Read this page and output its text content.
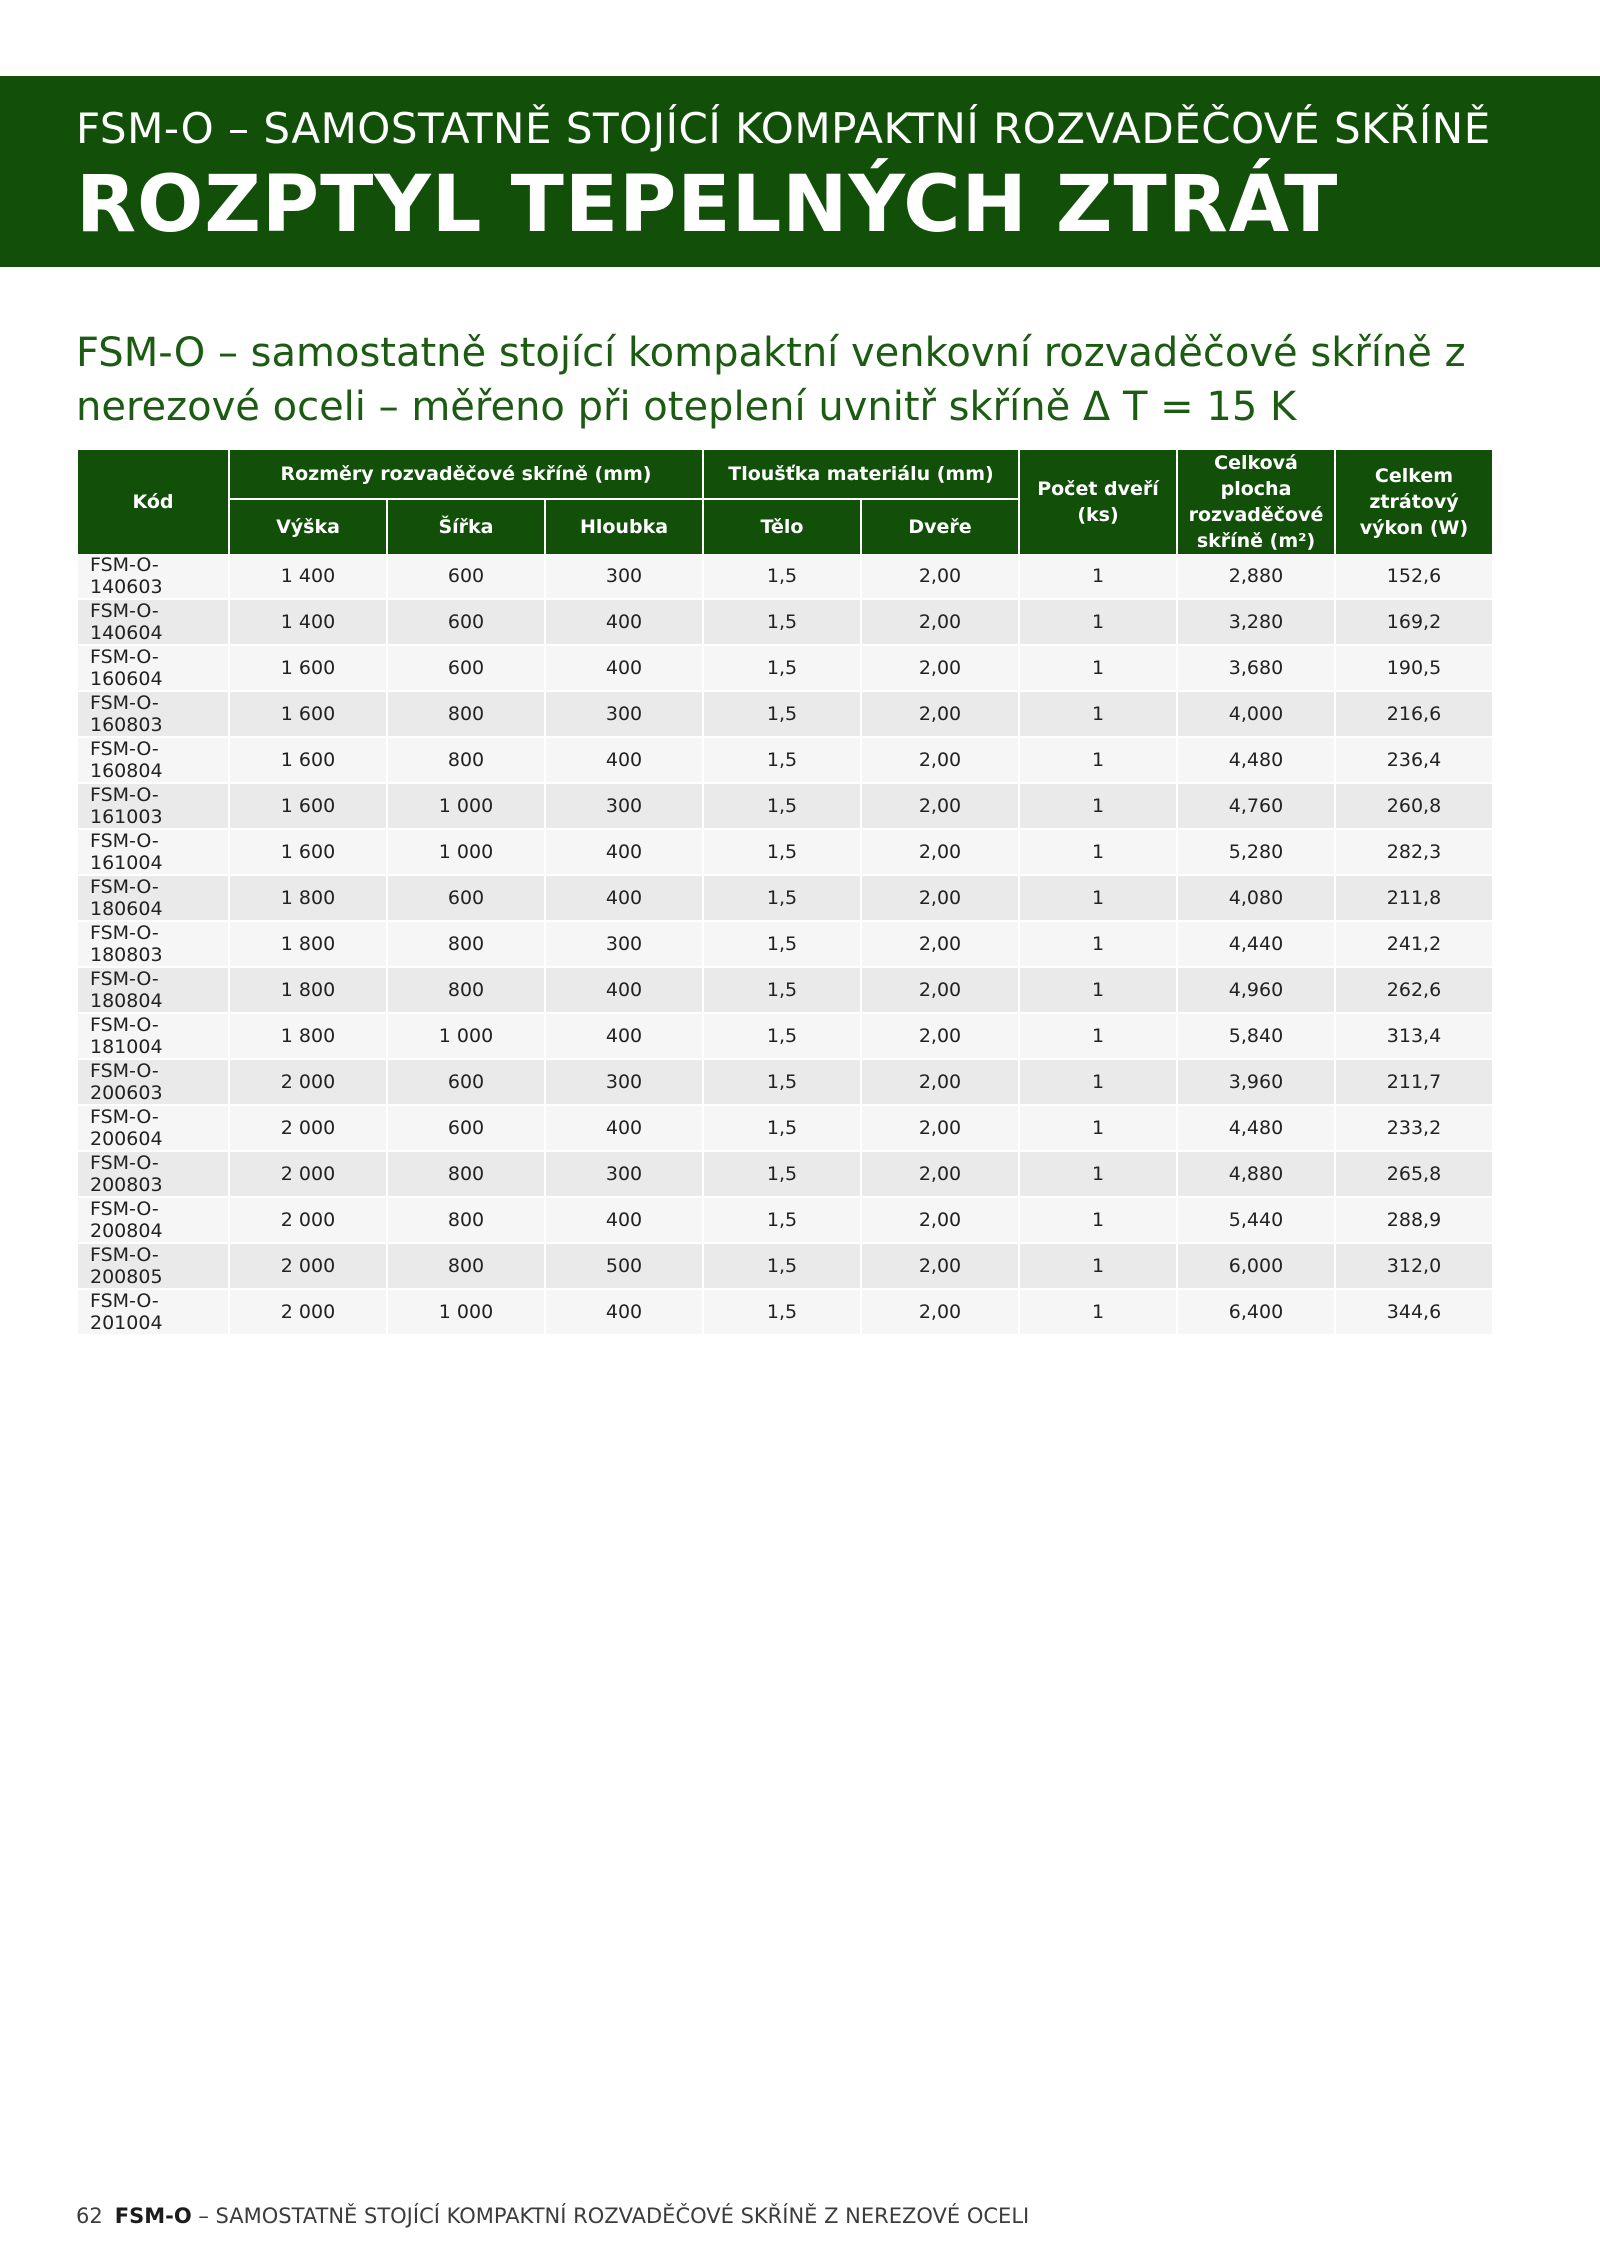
FSM-O – SAMOSTATNĚ STOJÍCÍ KOMPAKTNÍ ROZVADĚČOVÉ SKŘÍNĚ
ROZPTYL TEPELNÝCH ZTRÁT
FSM-O – samostatně stojící kompaktní venkovní rozvaděčové skříně z nerezové oceli – měřeno při oteplení uvnitř skříně Δ T = 15 K
Kód	Rozměry rozvaděčové skříně (mm)			Tloušťka materiálu (mm)		Počet dveří (ks)	Celková plocha rozvaděčové skříně (m²)	Celkem ztrátový výkon (W)
	Výška	Šířka	Hloubka	Tělo	Dveře			
FSM-O-140603	1 400	600	300	1,5	2,00	1	2,880	152,6
FSM-O-140604	1 400	600	400	1,5	2,00	1	3,280	169,2
FSM-O-160604	1 600	600	400	1,5	2,00	1	3,680	190,5
FSM-O-160803	1 600	800	300	1,5	2,00	1	4,000	216,6
FSM-O-160804	1 600	800	400	1,5	2,00	1	4,480	236,4
FSM-O-161003	1 600	1 000	300	1,5	2,00	1	4,760	260,8
FSM-O-161004	1 600	1 000	400	1,5	2,00	1	5,280	282,3
FSM-O-180604	1 800	600	400	1,5	2,00	1	4,080	211,8
FSM-O-180803	1 800	800	300	1,5	2,00	1	4,440	241,2
FSM-O-180804	1 800	800	400	1,5	2,00	1	4,960	262,6
FSM-O-181004	1 800	1 000	400	1,5	2,00	1	5,840	313,4
FSM-O-200603	2 000	600	300	1,5	2,00	1	3,960	211,7
FSM-O-200604	2 000	600	400	1,5	2,00	1	4,480	233,2
FSM-O-200803	2 000	800	300	1,5	2,00	1	4,880	265,8
FSM-O-200804	2 000	800	400	1,5	2,00	1	5,440	288,9
FSM-O-200805	2 000	800	500	1,5	2,00	1	6,000	312,0
FSM-O-201004	2 000	1 000	400	1,5	2,00	1	6,400	344,6
62 FSM-O – SAMOSTATNĚ STOJÍCÍ KOMPAKTNÍ ROZVADĚČOVÉ SKŘÍNĚ Z NEREZOVÉ OCELI
